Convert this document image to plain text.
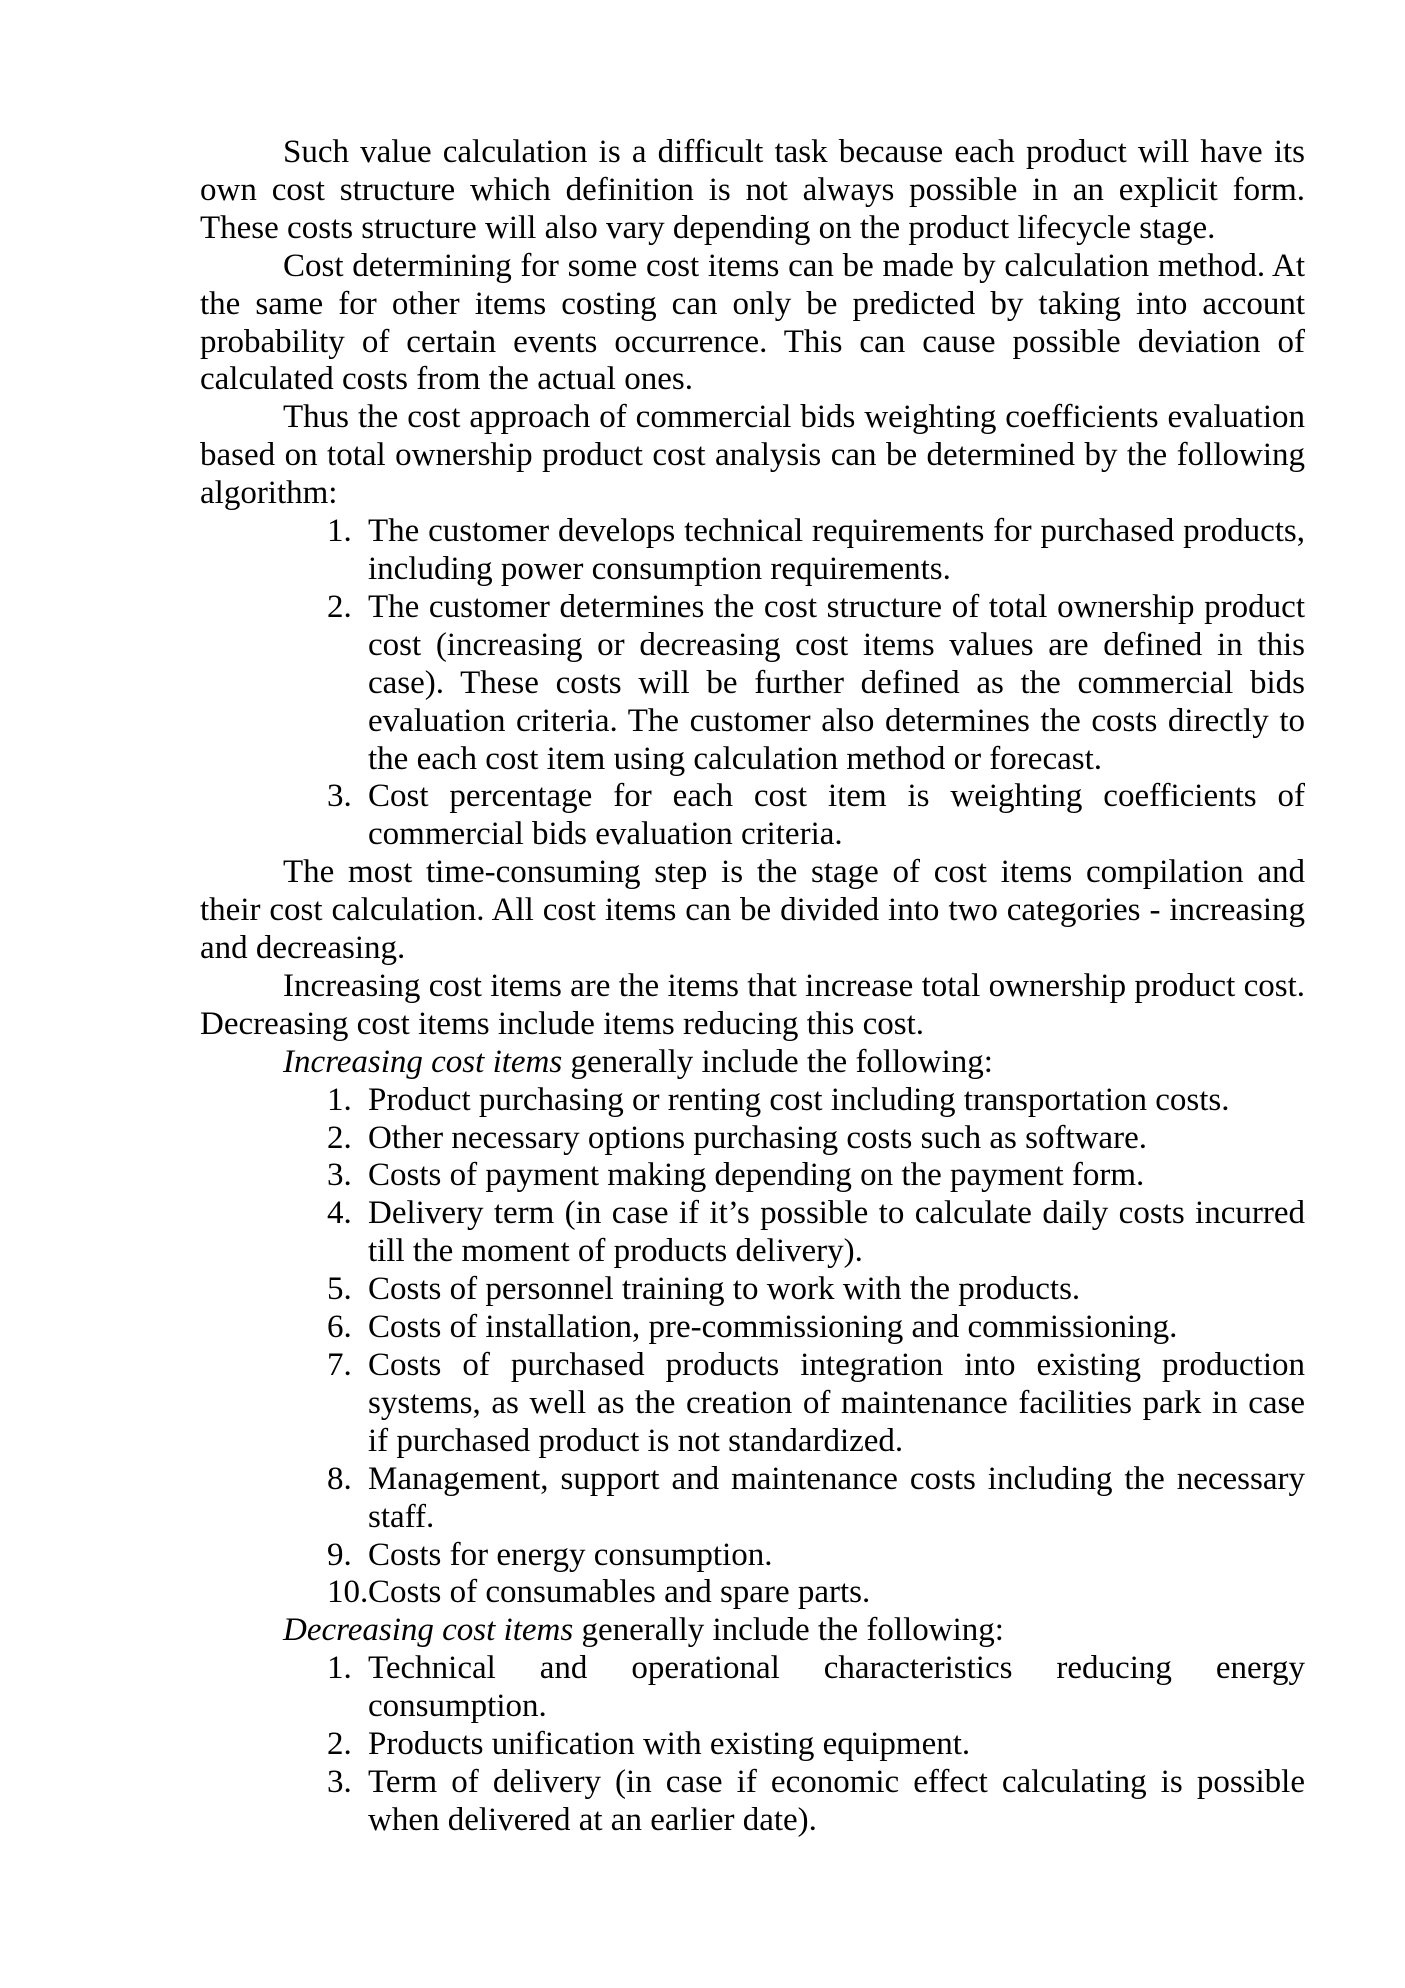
Such value calculation is a difficult task because each product will have its own cost structure which definition is not always possible in an explicit form. These costs structure will also vary depending on the product lifecycle stage.

Cost determining for some cost items can be made by calculation method. At the same for other items costing can only be predicted by taking into account probability of certain events occurrence. This can cause possible deviation of calculated costs from the actual ones.

Thus the cost approach of commercial bids weighting coefficients evaluation based on total ownership product cost analysis can be determined by the following algorithm:

1. The customer develops technical requirements for purchased products, including power consumption requirements.
2. The customer determines the cost structure of total ownership product cost (increasing or decreasing cost items values are defined in this case). These costs will be further defined as the commercial bids evaluation criteria. The customer also determines the costs directly to the each cost item using calculation method or forecast.
3. Cost percentage for each cost item is weighting coefficients of commercial bids evaluation criteria.

The most time-consuming step is the stage of cost items compilation and their cost calculation. All cost items can be divided into two categories - increasing and decreasing.

Increasing cost items are the items that increase total ownership product cost. Decreasing cost items include items reducing this cost.

Increasing cost items generally include the following:

1. Product purchasing or renting cost including transportation costs.
2. Other necessary options purchasing costs such as software.
3. Costs of payment making depending on the payment form.
4. Delivery term (in case if it’s possible to calculate daily costs incurred till the moment of products delivery).
5. Costs of personnel training to work with the products.
6. Costs of installation, pre-commissioning and commissioning.
7. Costs of purchased products integration into existing production systems, as well as the creation of maintenance facilities park in case if purchased product is not standardized.
8. Management, support and maintenance costs including the necessary staff.
9. Costs for energy consumption.
10. Costs of consumables and spare parts.

Decreasing cost items generally include the following:

1. Technical and operational characteristics reducing energy consumption.
2. Products unification with existing equipment.
3. Term of delivery (in case if economic effect calculating is possible when delivered at an earlier date).
